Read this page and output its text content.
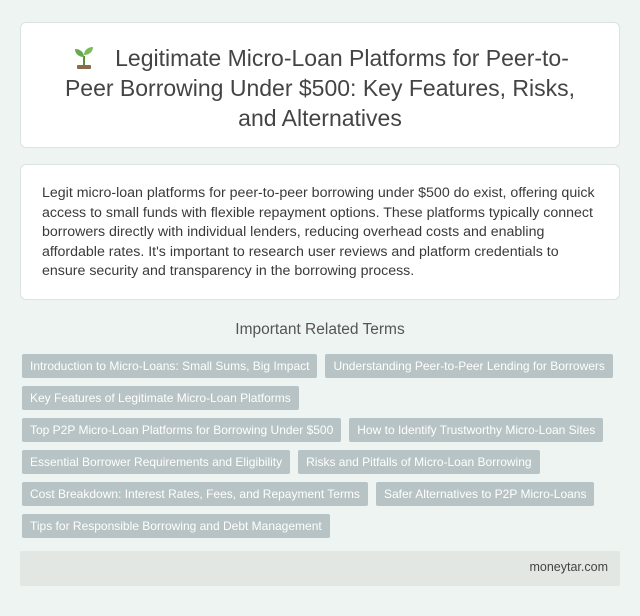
Legitimate Micro-Loan Platforms for Peer-to-Peer Borrowing Under $500: Key Features, Risks, and Alternatives

Legit micro-loan platforms for peer-to-peer borrowing under $500 do exist, offering quick access to small funds with flexible repayment options. These platforms typically connect borrowers directly with individual lenders, reducing overhead costs and enabling affordable rates. It's important to research user reviews and platform credentials to ensure security and transparency in the borrowing process.

Important Related Terms
Introduction to Micro-Loans: Small Sums, Big Impact	Understanding Peer-to-Peer Lending for Borrowers
Key Features of Legitimate Micro-Loan Platforms
Top P2P Micro-Loan Platforms for Borrowing Under $500	How to Identify Trustworthy Micro-Loan Sites
Essential Borrower Requirements and Eligibility	Risks and Pitfalls of Micro-Loan Borrowing
Cost Breakdown: Interest Rates, Fees, and Repayment Terms	Safer Alternatives to P2P Micro-Loans
Tips for Responsible Borrowing and Debt Management
moneytar.com
